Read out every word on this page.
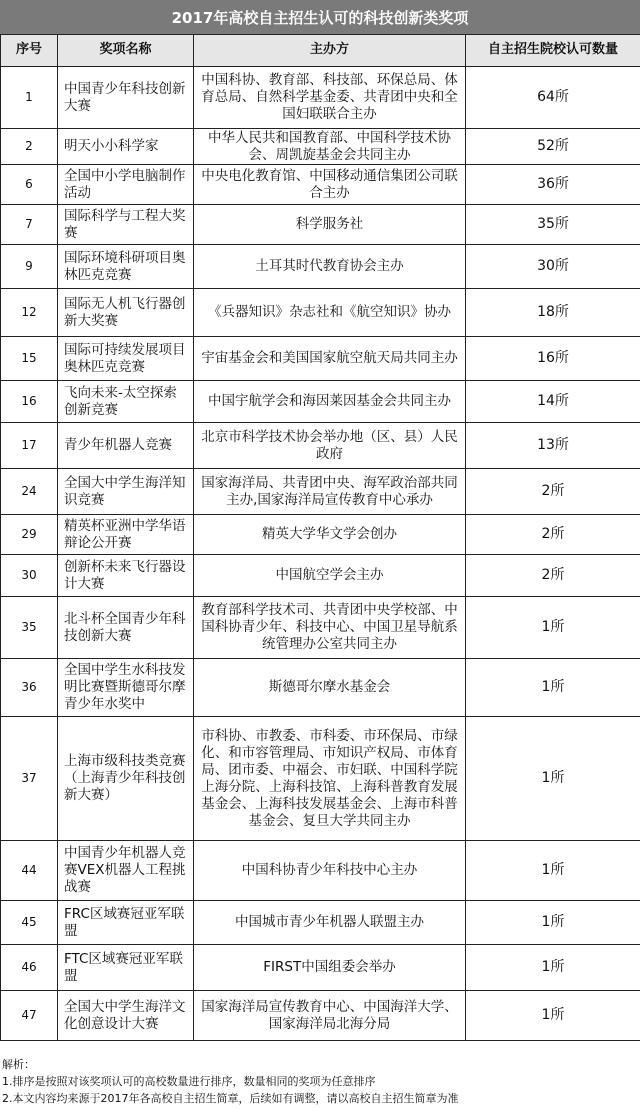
2017年高校自主招生认可的科技创新类奖项
序号	奖项名称	主办方	自主招生院校认可数量
1	中国青少年科技创新大赛	中国科协、教育部、科技部、环保总局、体育总局、自然科学基金委、共青团中央和全国妇联联合主办	64所
2	明天小小科学家	中华人民共和国教育部、中国科学技术协会、周凯旋基金会共同主办	52所
6	全国中小学电脑制作活动	中央电化教育馆、中国移动通信集团公司联合主办	36所
7	国际科学与工程大奖赛	科学服务社	35所
9	国际环境科研项目奥林匹克竞赛	土耳其时代教育协会主办	30所
12	国际无人机飞行器创新大奖赛	《兵器知识》杂志社和《航空知识》协办	18所
15	国际可持续发展项目奥林匹克竞赛	宇宙基金会和美国国家航空航天局共同主办	16所
16	飞向未来-太空探索创新竞赛	中国宇航学会和海因莱因基金会共同主办	14所
17	青少年机器人竞赛	北京市科学技术协会举办地（区、县）人民政府	13所
24	全国大中学生海洋知识竞赛	国家海洋局、共青团中央、海军政治部共同主办,国家海洋局宣传教育中心承办	2所
29	精英杯亚洲中学华语辩论公开赛	精英大学华文学会创办	2所
30	创新杯未来飞行器设计大赛	中国航空学会主办	2所
35	北斗杯全国青少年科技创新大赛	教育部科学技术司、共青团中央学校部、中国科协青少年、科技中心、中国卫星导航系统管理办公室共同主办	1所
36	全国中学生水科技发明比赛暨斯德哥尔摩青少年水奖中	斯德哥尔摩水基金会	1所
37	上海市级科技类竞赛（上海青少年科技创新大赛）	市科协、市教委、市科委、市环保局、市绿化、和市容管理局、市知识产权局、市体育局、团市委、中福会、市妇联、中国科学院上海分院、上海科技馆、上海科普教育发展基金会、上海科技发展基金会、上海市科普基金会、复旦大学共同主办	1所
44	中国青少年机器人竞赛VEX机器人工程挑战赛	中国科协青少年科技中心主办	1所
45	FRC区域赛冠亚军联盟	中国城市青少年机器人联盟主办	1所
46	FTC区域赛冠亚军联盟	FIRST中国组委会举办	1所
47	全国大中学生海洋文化创意设计大赛	国家海洋局宣传教育中心、中国海洋大学、国家海洋局北海分局	1所
解析：
1.排序是按照对该奖项认可的高校数量进行排序，数量相同的奖项为任意排序
2.本文内容均来源于2017年各高校自主招生简章，后续如有调整，请以高校自主招生简章为准
